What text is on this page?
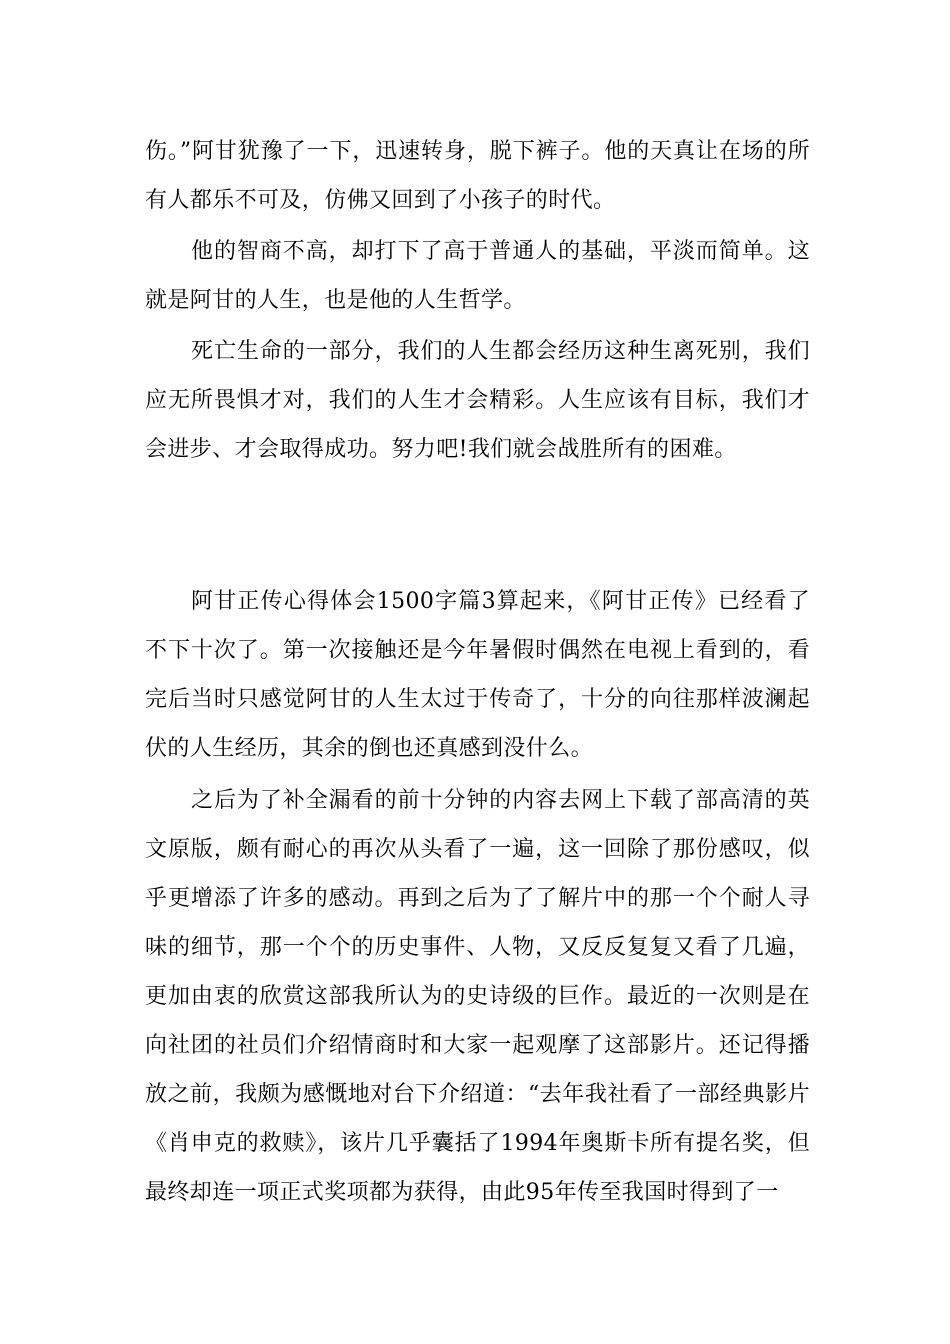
伤。”阿甘犹豫了一下，迅速转身，脱下裤子。他的天真让在场的所有人都乐不可及，仿佛又回到了小孩子的时代。

他的智商不高，却打下了高于普通人的基础，平淡而简单。这就是阿甘的人生，也是他的人生哲学。

死亡生命的一部分，我们的人生都会经历这种生离死别，我们应无所畏惧才对，我们的人生才会精彩。人生应该有目标，我们才会进步、才会取得成功。努力吧!我们就会战胜所有的困难。

阿甘正传心得体会1500字篇3算起来，《阿甘正传》已经看了不下十次了。第一次接触还是今年暑假时偶然在电视上看到的，看完后当时只感觉阿甘的人生太过于传奇了，十分的向往那样波澜起伏的人生经历，其余的倒也还真感到没什么。

之后为了补全漏看的前十分钟的内容去网上下载了部高清的英文原版，颇有耐心的再次从头看了一遍，这一回除了那份感叹，似乎更增添了许多的感动。再到之后为了了解片中的那一个个耐人寻味的细节，那一个个的历史事件、人物，又反反复复又看了几遍，更加由衷的欣赏这部我所认为的史诗级的巨作。最近的一次则是在向社团的社员们介绍情商时和大家一起观摩了这部影片。还记得播放之前，我颇为感慨地对台下介绍道：“去年我社看了一部经典影片《肖申克的救赎》，该片几乎囊括了1994年奥斯卡所有提名奖，但最终却连一项正式奖项都为获得，由此95年传至我国时得到了一
